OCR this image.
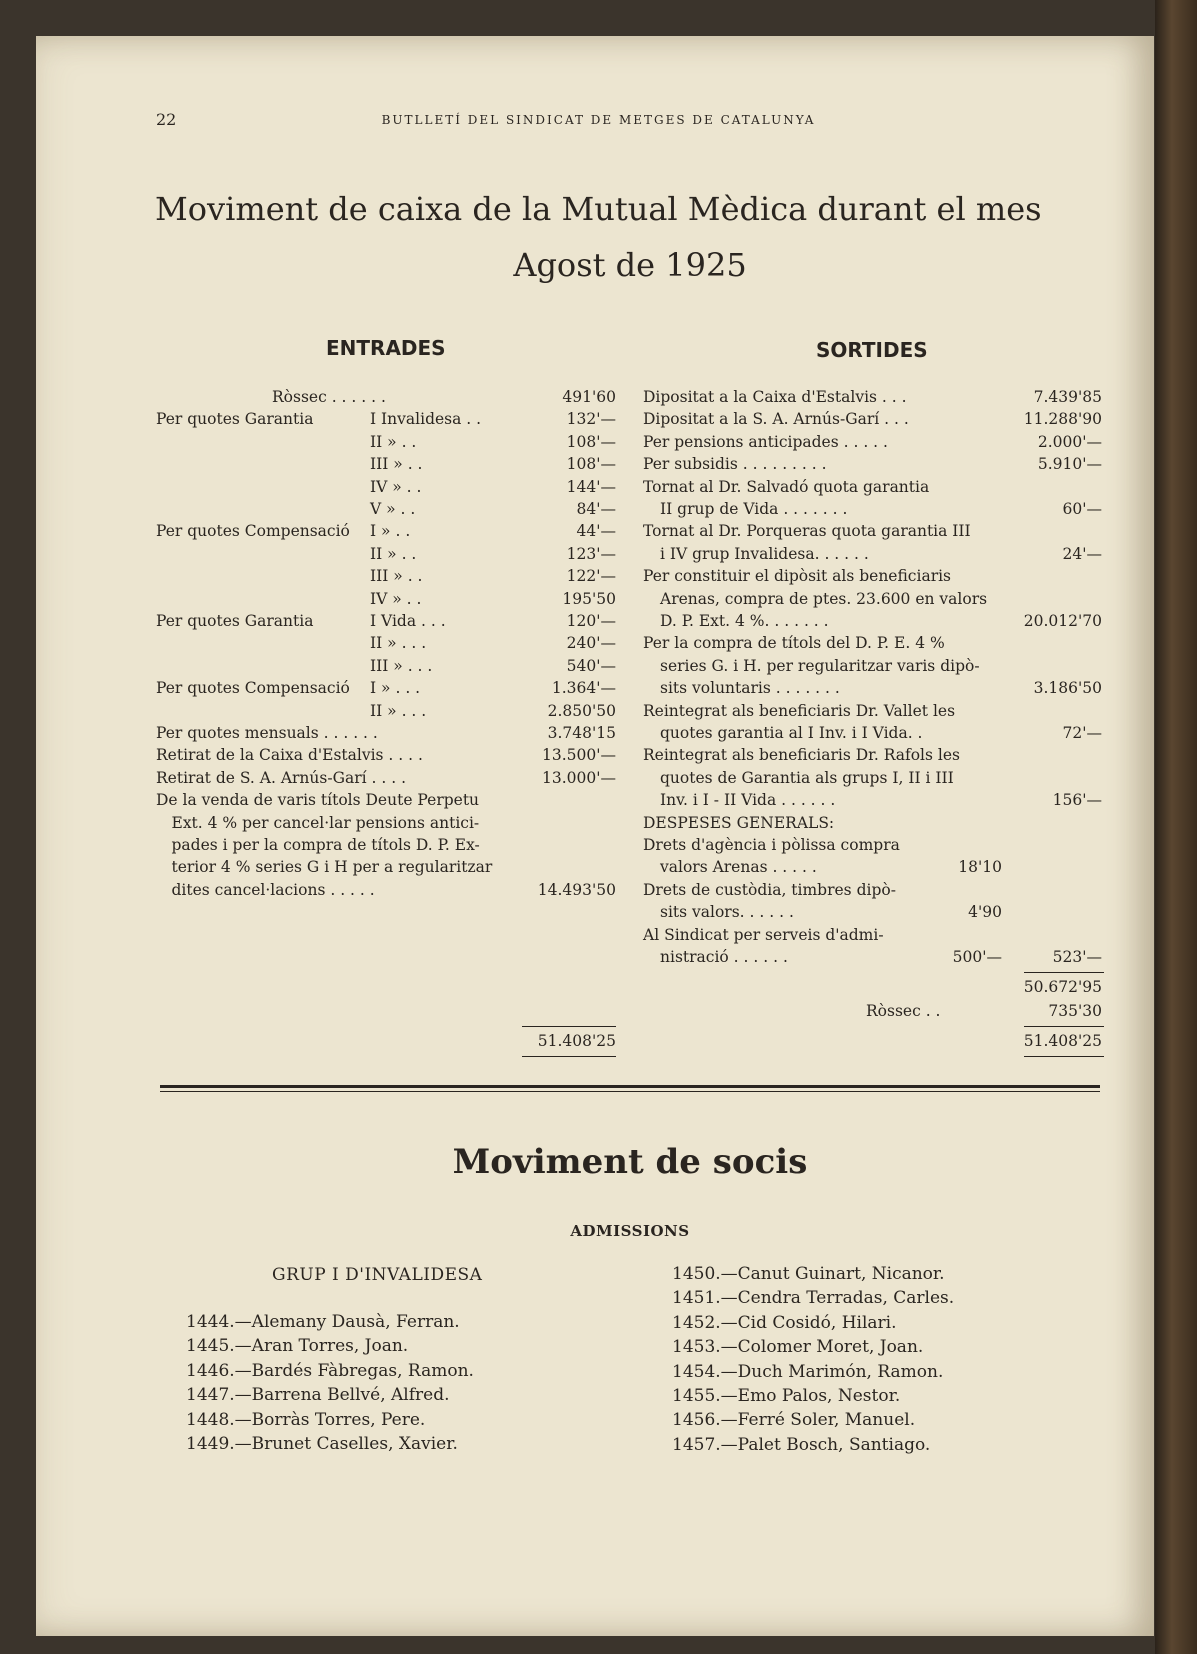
22	BUTLLETÍ DEL SINDICAT DE METGES DE CATALUNYA
Moviment de caixa de la Mutual Mèdica durant el mes
Agost de 1925
ENTRADES	SORTIDES
Ròssec . . . . . .	491'60
Per quotes Garantia	I Invalidesa . .	132'—
II » . .	108'—
III » . .	108'—
IV » . .	144'—
V » . .	84'—
Per quotes Compensació I » . .	44'—
II » . .	123'—
III » . .	122'—
IV » . .	195'50
Per quotes Garantia	I Vida . . .	120'—
II » . . .	240'—
III » . . .	540'—
Per quotes Compensació I » . . .	1.364'—
II » . . .	2.850'50
Per quotes mensuals . . . . . .	3.748'15
Retirat de la Caixa d'Estalvis . . . .	13.500'—
Retirat de S. A. Arnús-Garí . . . .	13.000'—
De la venda de varis títols Deute Perpetu
 Ext. 4 % per cancel·lar pensions antici-
 pades i per la compra de títols D. P. Ex-
 terior 4 % series G i H per a regularitzar
 dites cancel·lacions . . . . .	14.493'50
Dipositat a la Caixa d'Estalvis . . .	7.439'85
Dipositat a la S. A. Arnús-Garí . . .	11.288'90
Per pensions anticipades . . . . .	2.000'—
Per subsidis . . . . . . . . .	5.910'—
Tornat al Dr. Salvadó quota garantia
II grup de Vida . . . . . . .	60'—
Tornat al Dr. Porqueras quota garantia III
i IV grup Invalidesa. . . . . .	24'—
Per constituir el dipòsit als beneficiaris
Arenas, compra de ptes. 23.600 en valors
D. P. Ext. 4 %. . . . . . .	20.012'70
Per la compra de títols del D. P. E. 4 %
series G. i H. per regularitzar varis dipò-
sits voluntaris . . . . . . .	3.186'50
Reintegrat als beneficiaris Dr. Vallet les
quotes garantia al I Inv. i I Vida. .	72'—
Reintegrat als beneficiaris Dr. Rafols les
quotes de Garantia als grups I, II i III
Inv. i I - II Vida . . . . . .	156'—
DESPESES GENERALS:
Drets d'agència i pòlissa compra
valors Arenas . . . . .	18'10
Drets de custòdia, timbres dipò-
sits valors. . . . . .	4'90
Al Sindicat per serveis d'admi-
nistració . . . . . .	500'—	523'—
51.408'25
50.672'95
Ròssec . .	735'30
51.408'25
Moviment de socis
ADMISSIONS
GRUP I D'INVALIDESA
1444.—Alemany Dausà, Ferran.
1445.—Aran Torres, Joan.
1446.—Bardés Fàbregas, Ramon.
1447.—Barrena Bellvé, Alfred.
1448.—Borràs Torres, Pere.
1449.—Brunet Caselles, Xavier.
1450.—Canut Guinart, Nicanor.
1451.—Cendra Terradas, Carles.
1452.—Cid Cosidó, Hilari.
1453.—Colomer Moret, Joan.
1454.—Duch Marimón, Ramon.
1455.—Emo Palos, Nestor.
1456.—Ferré Soler, Manuel.
1457.—Palet Bosch, Santiago.
